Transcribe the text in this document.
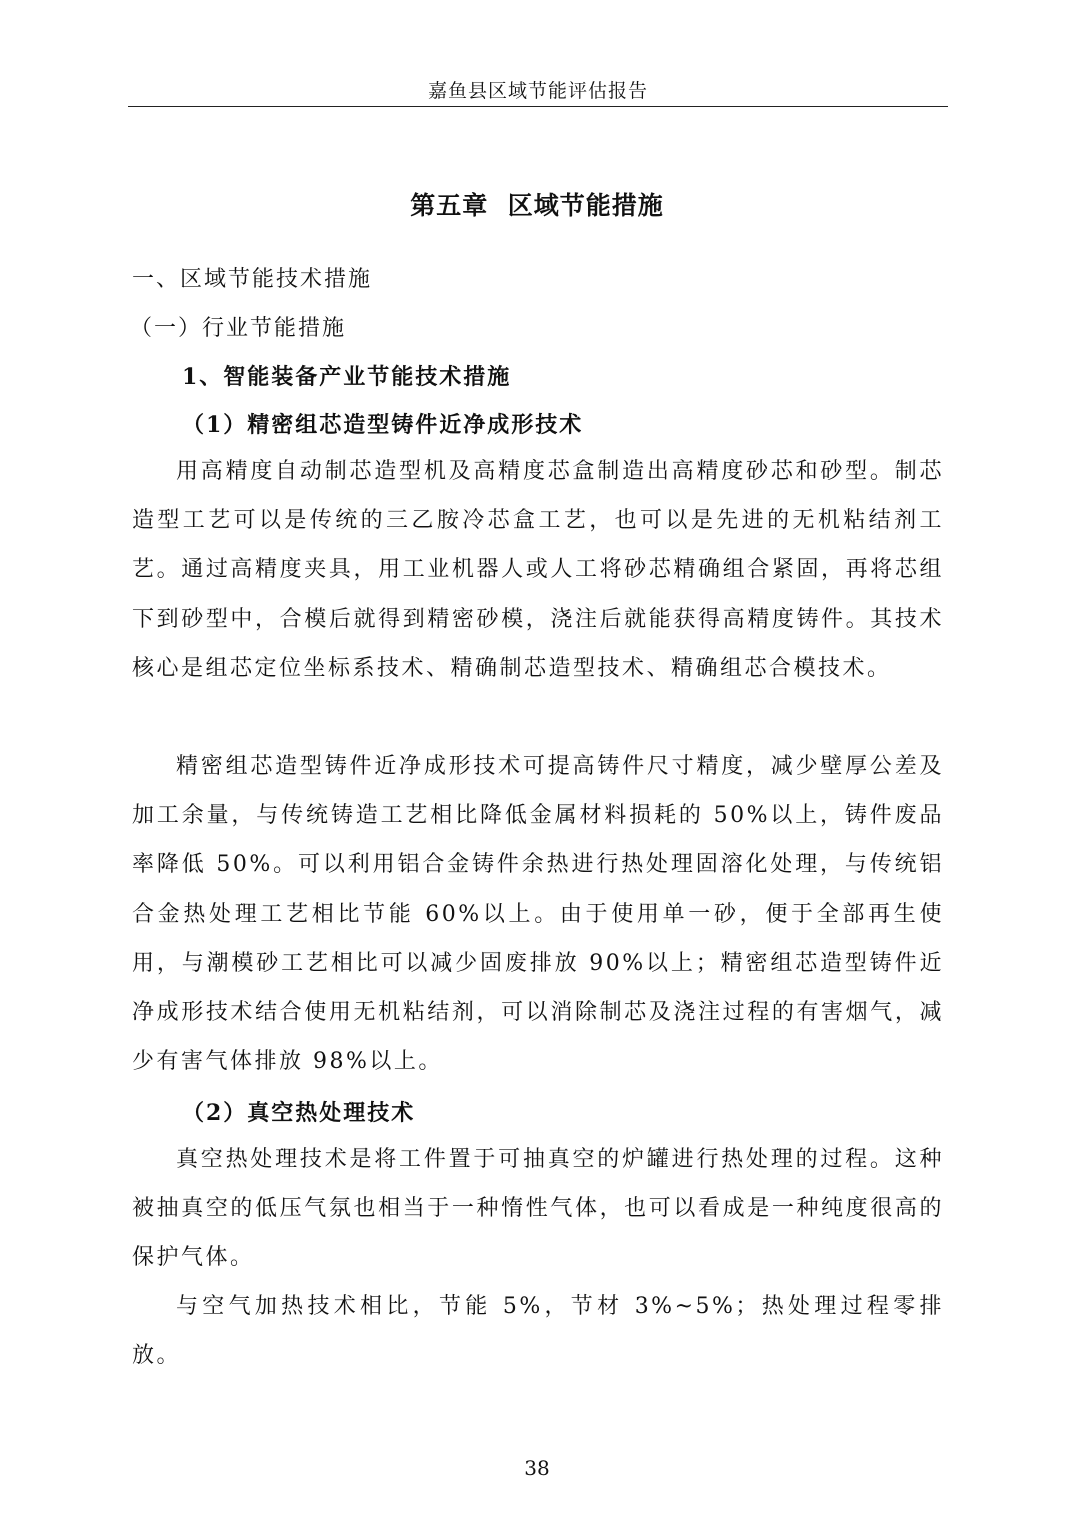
嘉鱼县区域节能评估报告
第五章  区域节能措施
一、区域节能技术措施
（一）行业节能措施
1、智能装备产业节能技术措施
（1）精密组芯造型铸件近净成形技术

用高精度自动制芯造型机及高精度芯盒制造出高精度砂芯和砂型。制芯造型工艺可以是传统的三乙胺冷芯盒工艺，也可以是先进的无机粘结剂工艺。通过高精度夹具，用工业机器人或人工将砂芯精确组合紧固，再将芯组下到砂型中，合模后就得到精密砂模，浇注后就能获得高精度铸件。其技术核心是组芯定位坐标系技术、精确制芯造型技术、精确组芯合模技术。

精密组芯造型铸件近净成形技术可提高铸件尺寸精度，减少壁厚公差及加工余量，与传统铸造工艺相比降低金属材料损耗的 50%以上，铸件废品率降低 50%。可以利用铝合金铸件余热进行热处理固溶化处理，与传统铝合金热处理工艺相比节能 60%以上。由于使用单一砂，便于全部再生使用，与潮模砂工艺相比可以减少固废排放 90%以上；精密组芯造型铸件近净成形技术结合使用无机粘结剂，可以消除制芯及浇注过程的有害烟气，减少有害气体排放 98%以上。

（2）真空热处理技术

真空热处理技术是将工件置于可抽真空的炉罐进行热处理的过程。这种被抽真空的低压气氛也相当于一种惰性气体，也可以看成是一种纯度很高的保护气体。

与空气加热技术相比，节能 5%，节材 3%~5%；热处理过程零排放。

38
